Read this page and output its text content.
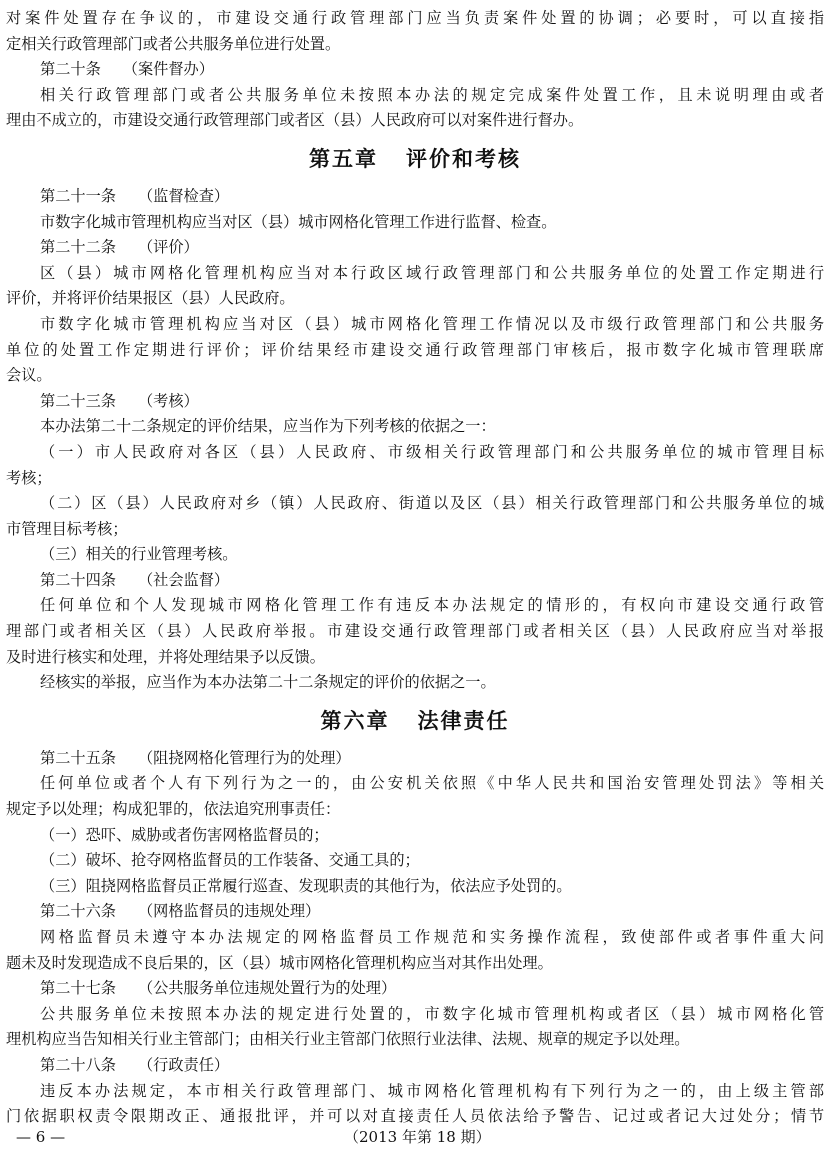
对案件处置存在争议的，市建设交通行政管理部门应当负责案件处置的协调；必要时，可以直接指

定相关行政管理部门或者公共服务单位进行处置。

第二十条 （案件督办）

相关行政管理部门或者公共服务单位未按照本办法的规定完成案件处置工作，且未说明理由或者

理由不成立的，市建设交通行政管理部门或者区（县）人民政府可以对案件进行督办。

第五章 评价和考核

第二十一条 （监督检查）

市数字化城市管理机构应当对区（县）城市网格化管理工作进行监督、检查。

第二十二条 （评价）

区（县）城市网格化管理机构应当对本行政区域行政管理部门和公共服务单位的处置工作定期进行

评价，并将评价结果报区（县）人民政府。

市数字化城市管理机构应当对区（县）城市网格化管理工作情况以及市级行政管理部门和公共服务

单位的处置工作定期进行评价；评价结果经市建设交通行政管理部门审核后，报市数字化城市管理联席

会议。

第二十三条 （考核）

本办法第二十二条规定的评价结果，应当作为下列考核的依据之一：

（一）市人民政府对各区（县）人民政府、市级相关行政管理部门和公共服务单位的城市管理目标

考核；

（二）区（县）人民政府对乡（镇）人民政府、街道以及区（县）相关行政管理部门和公共服务单位的城

市管理目标考核；

（三）相关的行业管理考核。

第二十四条 （社会监督）

任何单位和个人发现城市网格化管理工作有违反本办法规定的情形的，有权向市建设交通行政管

理部门或者相关区（县）人民政府举报。市建设交通行政管理部门或者相关区（县）人民政府应当对举报

及时进行核实和处理，并将处理结果予以反馈。

经核实的举报，应当作为本办法第二十二条规定的评价的依据之一。

第六章 法律责任

第二十五条 （阻挠网格化管理行为的处理）

任何单位或者个人有下列行为之一的，由公安机关依照《中华人民共和国治安管理处罚法》等相关

规定予以处理；构成犯罪的，依法追究刑事责任：

（一）恐吓、威胁或者伤害网格监督员的；

（二）破坏、抢夺网格监督员的工作装备、交通工具的；

（三）阻挠网格监督员正常履行巡查、发现职责的其他行为，依法应予处罚的。

第二十六条 （网格监督员的违规处理）

网格监督员未遵守本办法规定的网格监督员工作规范和实务操作流程，致使部件或者事件重大问

题未及时发现造成不良后果的，区（县）城市网格化管理机构应当对其作出处理。

第二十七条 （公共服务单位违规处置行为的处理）

公共服务单位未按照本办法的规定进行处置的，市数字化城市管理机构或者区（县）城市网格化管

理机构应当告知相关行业主管部门；由相关行业主管部门依照行业法律、法规、规章的规定予以处理。

第二十八条 （行政责任）

违反本办法规定，本市相关行政管理部门、城市网格化管理机构有下列行为之一的，由上级主管部

门依据职权责令限期改正、通报批评，并可以对直接责任人员依法给予警告、记过或者记大过处分；情节

— 6 —	（2013 年第 18 期）
